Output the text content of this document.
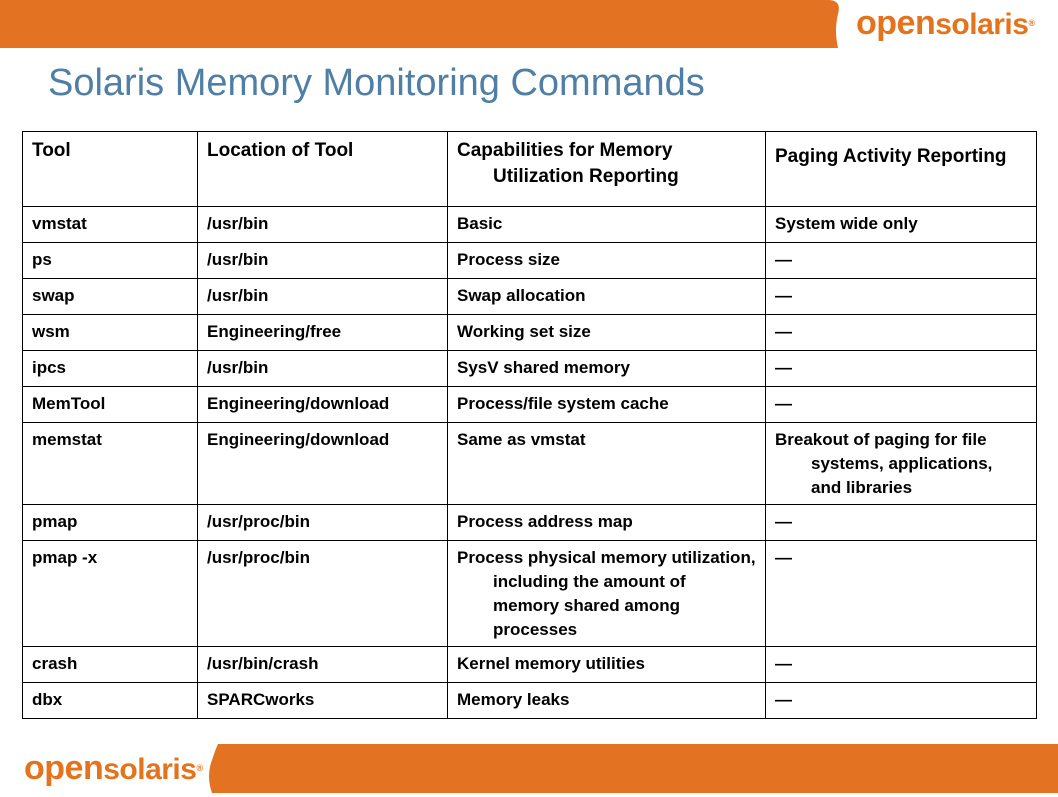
opensolaris®
Solaris Memory Monitoring Commands
Tool	Location of Tool	Capabilities for Memory Utilization Reporting	Paging Activity Reporting
vmstat	/usr/bin	Basic	System wide only

ps	/usr/bin	Process size	—

swap	/usr/bin	Swap allocation	—

wsm	Engineering/free	Working set size	—

ipcs	/usr/bin	SysV shared memory	—

MemTool	Engineering/download	Process/file system cache	—

memstat	Engineering/download	Same as vmstat	Breakout of paging for file systems, applications, and libraries

pmap	/usr/proc/bin	Process address map	—

pmap -x	/usr/proc/bin	Process physical memory utilization, including the amount of memory shared among processes	—

crash	/usr/bin/crash	Kernel memory utilities	—

dbx	SPARCworks	Memory leaks	—
opensolaris®
